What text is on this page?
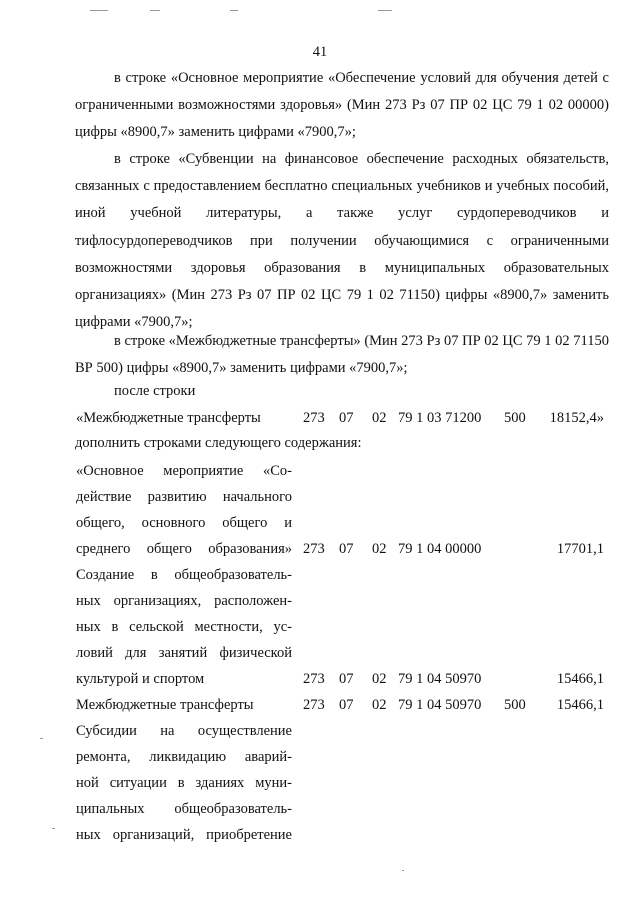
41

в строке «Основное мероприятие «Обеспечение условий для обучения детей с ограниченными возможностями здоровья» (Мин 273 Рз 07 ПР 02 ЦС 79 1 02 00000) цифры «8900,7» заменить цифрами «7900,7»;

в строке «Субвенции на финансовое обеспечение расходных обязательств, связанных с предоставлением бесплатно специальных учебников и учебных пособий, иной учебной литературы, а также услуг сурдопереводчиков и тифлосурдопереводчиков при получении обучающимися с ограниченными возможностями здоровья образования в муниципальных образовательных организациях» (Мин 273 Рз 07 ПР 02 ЦС 79 1 02 71150) цифры «8900,7» заменить цифрами «7900,7»;

в строке «Межбюджетные трансферты» (Мин 273 Рз 07 ПР 02 ЦС 79 1 02 71150 ВР 500) цифры «8900,7» заменить цифрами «7900,7»;

после строки
«Межбюджетные трансферты	273 07 02 79 1 03 71200 500 18152,4»
дополнить строками следующего содержания:
«Основное мероприятие «Со-
действие развитию начального
общего, основного общего и
среднего общего образования» 273 07 02 79 1 04 00000	17701,1
Создание в общеобразователь-
ных организациях, расположен-
ных в сельской местности, ус-
ловий для занятий физической
культурой и спортом	273 07 02 79 1 04 50970	15466,1
Межбюджетные трансферты	273 07 02 79 1 04 50970 500 15466,1
Субсидии на осуществление
ремонта, ликвидацию аварий-
ной ситуации в зданиях муни-
ципальных общеобразователь-
ных организаций, приобретение
